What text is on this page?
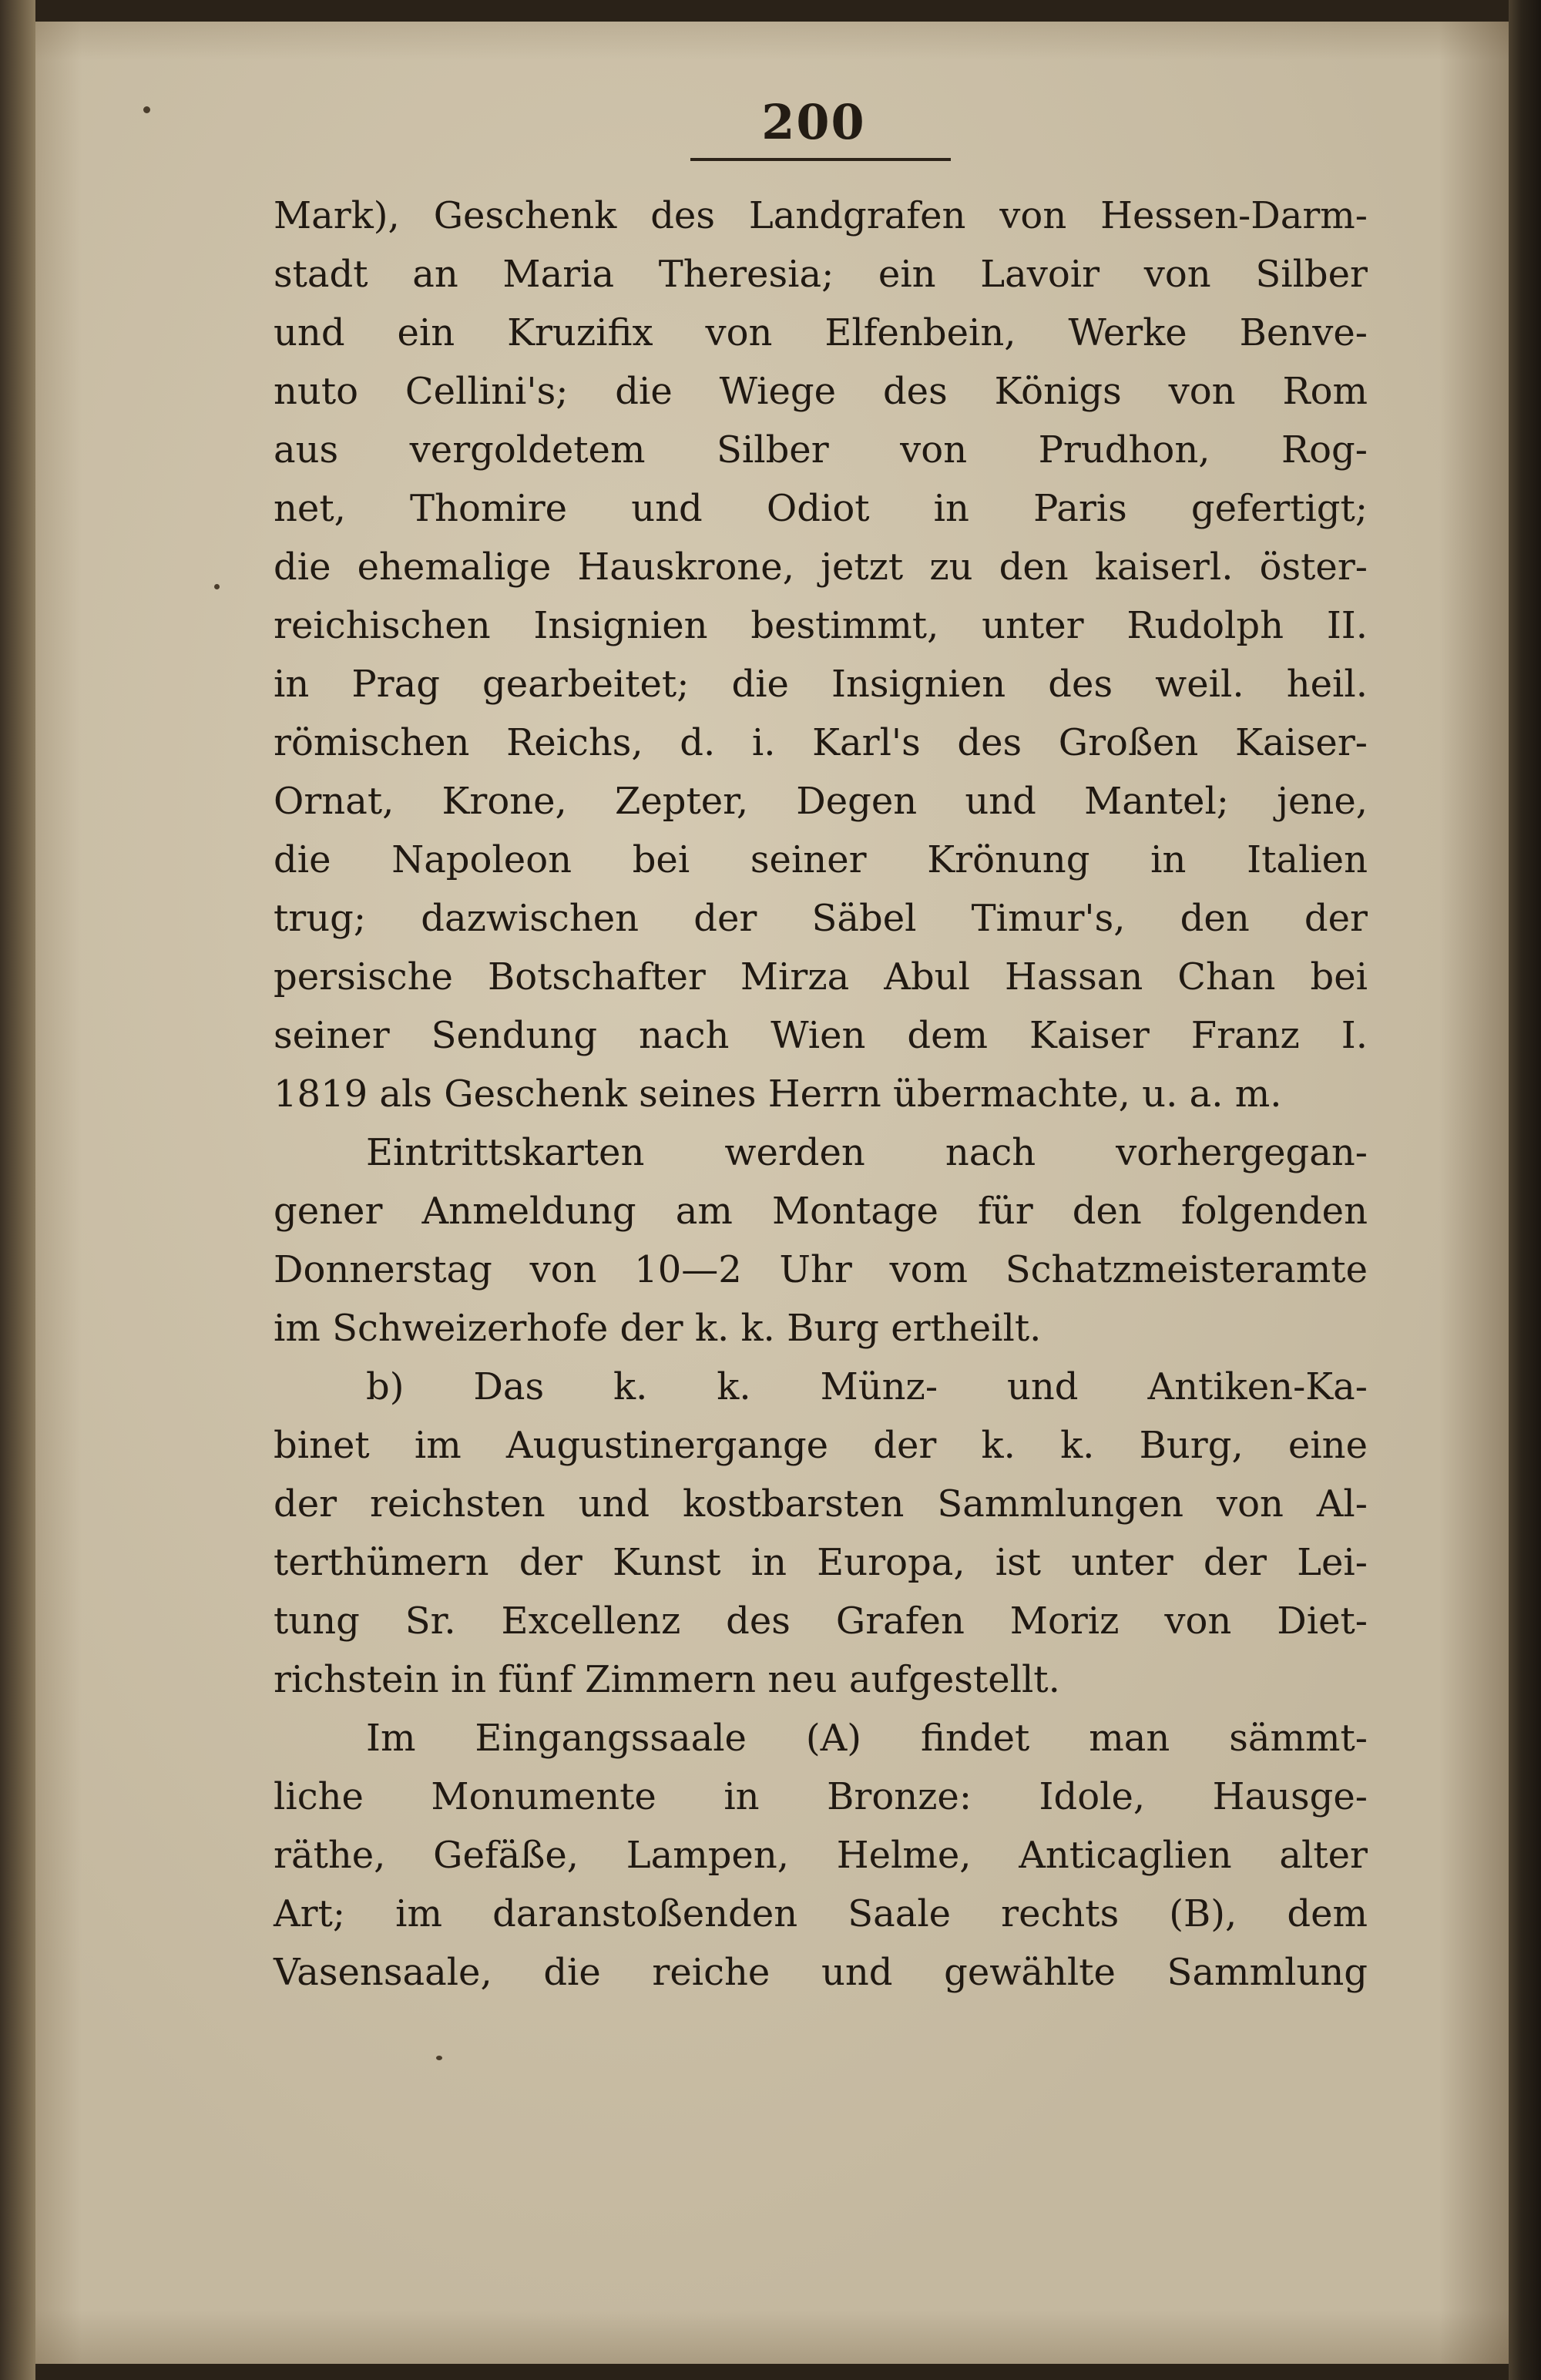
200
Mark), Geschenk des Landgrafen von Hessen-Darm-
stadt an Maria Theresia; ein Lavoir von Silber
und ein Kruzifix von Elfenbein, Werke Benve-
nuto Cellini's; die Wiege des Königs von Rom
aus vergoldetem Silber von Prudhon, Rog-
net, Thomire und Odiot in Paris gefertigt;
die ehemalige Hauskrone, jetzt zu den kaiserl. öster-
reichischen Insignien bestimmt, unter Rudolph II.
in Prag gearbeitet; die Insignien des weil. heil.
römischen Reichs, d. i. Karl's des Großen Kaiser-
Ornat, Krone, Zepter, Degen und Mantel; jene,
die Napoleon bei seiner Krönung in Italien
trug; dazwischen der Säbel Timur's, den der
persische Botschafter Mirza Abul Hassan Chan bei
seiner Sendung nach Wien dem Kaiser Franz I.
1819 als Geschenk seines Herrn übermachte, u. a. m.
Eintrittskarten werden nach vorhergegan-
gener Anmeldung am Montage für den folgenden
Donnerstag von 10—2 Uhr vom Schatzmeisteramte
im Schweizerhofe der k. k. Burg ertheilt.
b) Das k. k. Münz- und Antiken-Ka-
binet im Augustinergange der k. k. Burg, eine
der reichsten und kostbarsten Sammlungen von Al-
terthümern der Kunst in Europa, ist unter der Lei-
tung Sr. Excellenz des Grafen Moriz von Diet-
richstein in fünf Zimmern neu aufgestellt.
Im Eingangssaale (A) findet man sämmt-
liche Monumente in Bronze: Idole, Hausge-
räthe, Gefäße, Lampen, Helme, Anticaglien alter
Art; im daranstoßenden Saale rechts (B), dem
Vasensaale, die reiche und gewählte Sammlung
